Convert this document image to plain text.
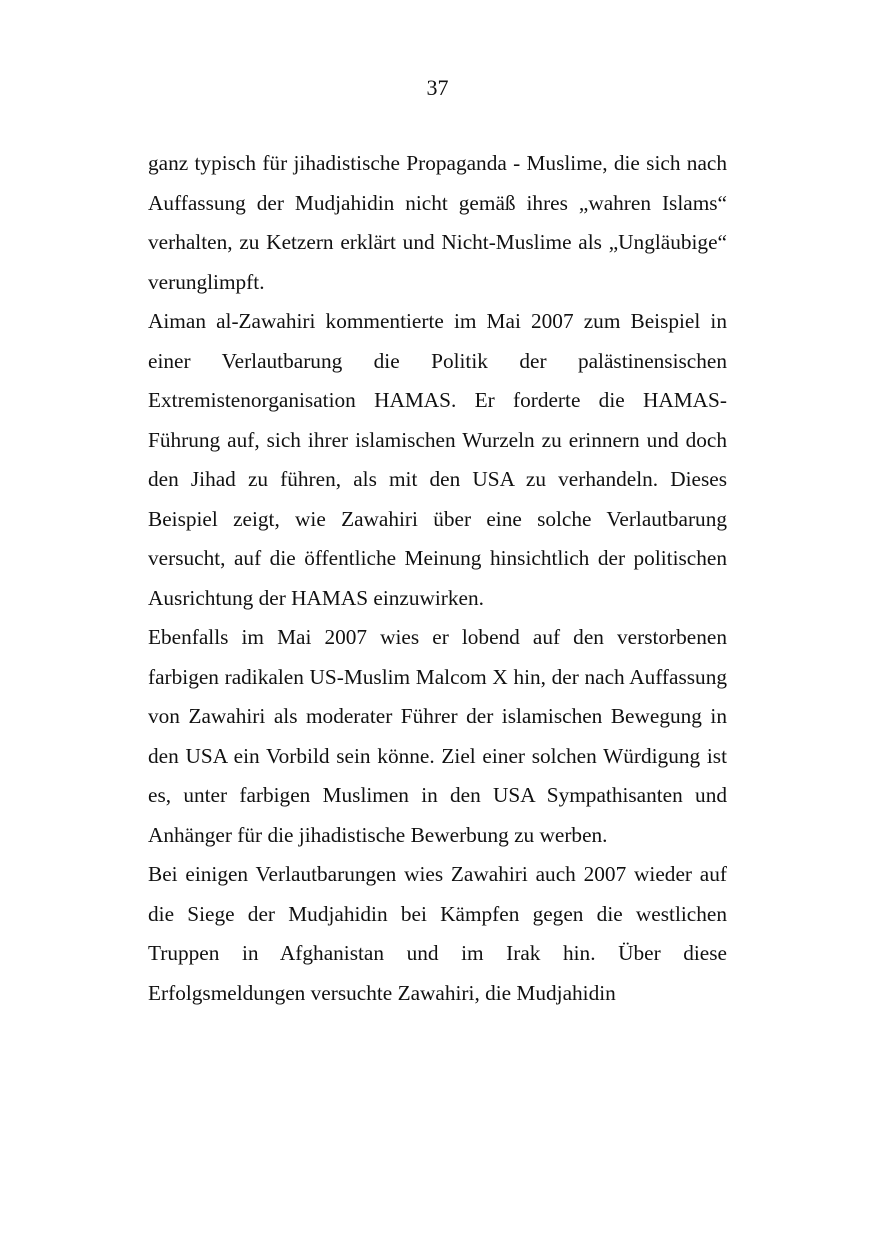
37

ganz typisch für jihadistische Propaganda - Muslime, die sich nach Auffassung der Mudjahidin nicht gemäß ihres „wahren Islams“ verhalten, zu Ketzern erklärt und Nicht-Muslime als „Ungläubige“ verunglimpft.

Aiman al-Zawahiri kommentierte im Mai 2007 zum Beispiel in einer Verlautbarung die Politik der palästinensischen Extremistenorganisation HAMAS. Er forderte die HAMAS-Führung auf, sich ihrer islamischen Wurzeln zu erinnern und doch den Jihad zu führen, als mit den USA zu verhandeln. Dieses Beispiel zeigt, wie Zawahiri über eine solche Verlautbarung versucht, auf die öffentliche Meinung hinsichtlich der politischen Ausrichtung der HAMAS einzuwirken.

Ebenfalls im Mai 2007 wies er lobend auf den verstorbenen farbigen radikalen US-Muslim Malcom X hin, der nach Auffassung von Zawahiri als moderater Führer der islamischen Bewegung in den USA ein Vorbild sein könne. Ziel einer solchen Würdigung ist es, unter farbigen Muslimen in den USA Sympathisanten und Anhänger für die jihadistische Bewerbung zu werben.

Bei einigen Verlautbarungen wies Zawahiri auch 2007 wieder auf die Siege der Mudjahidin bei Kämpfen gegen die westlichen Truppen in Afghanistan und im Irak hin. Über diese Erfolgsmeldungen versuchte Zawahiri, die Mudjahidin
